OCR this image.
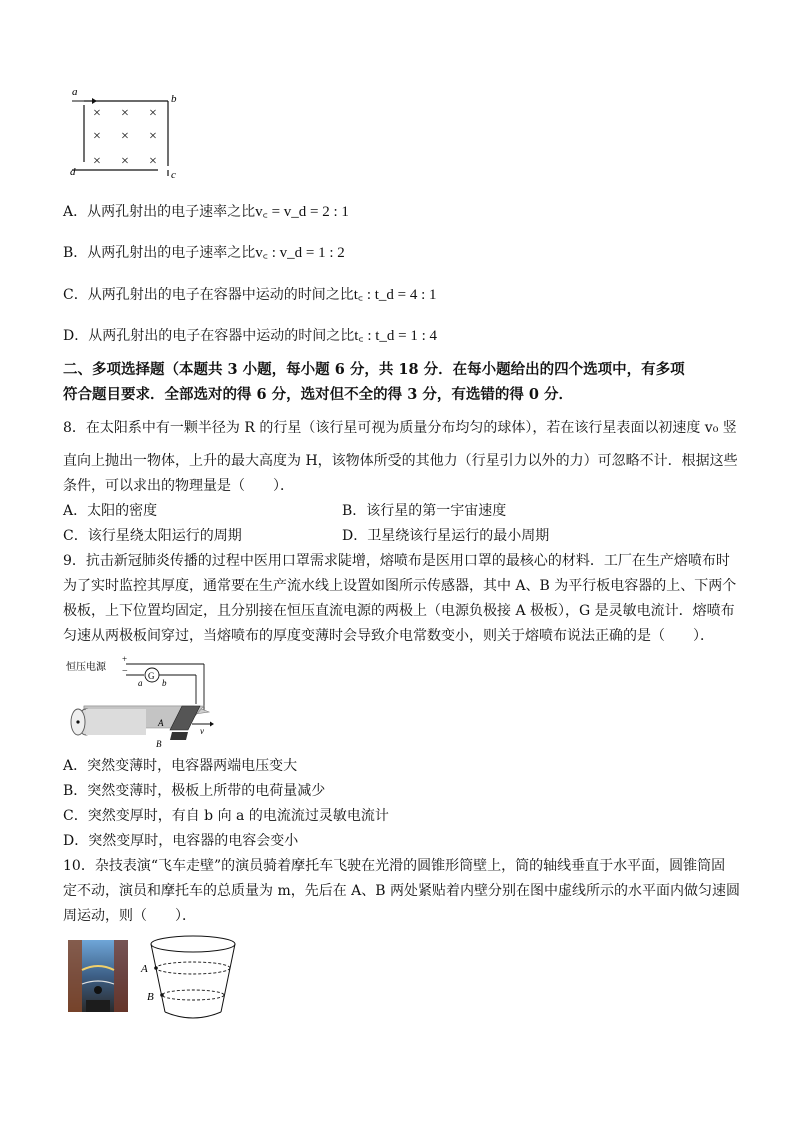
a
b
d	c
× × ×
× × ×
× × ×
A．从两孔射出的电子速率之比v꜀ = v_d = 2 : 1
B．从两孔射出的电子速率之比v꜀ : v_d = 1 : 2
C．从两孔射出的电子在容器中运动的时间之比t꜀ : t_d = 4 : 1
D．从两孔射出的电子在容器中运动的时间之比t꜀ : t_d = 1 : 4
二、多项选择题（本题共 3 小题，每小题 6 分，共 18 分．在每小题给出的四个选项中，有多项
符合题目要求．全部选对的得 6 分，选对但不全的得 3 分，有选错的得 0 分．
8．在太阳系中有一颗半径为 R 的行星（该行星可视为质量分布均匀的球体），若在该行星表面以初速度 v₀ 竖
直向上抛出一物体，上升的最大高度为 H，该物体所受的其他力（行星引力以外的力）可忽略不计．根据这些
条件，可以求出的物理量是（　　）．
A．太阳的密度	B．该行星的第一宇宙速度
C．该行星绕太阳运行的周期	D．卫星绕该行星运行的最小周期
9．抗击新冠肺炎传播的过程中医用口罩需求陡增，熔喷布是医用口罩的最核心的材料．工厂在生产熔喷布时
为了实时监控其厚度，通常要在生产流水线上设置如图所示传感器，其中 A、B 为平行板电容器的上、下两个
极板，上下位置均固定，且分别接在恒压直流电源的两极上（电源负极接 A 极板），G 是灵敏电流计．熔喷布
匀速从两极板间穿过，当熔喷布的厚度变薄时会导致介电常数变小，则关于熔喷布说法正确的是（　　）．
恒压电源
+
− G
a b
A
B
v
A．突然变薄时，电容器两端电压变大
B．突然变薄时，极板上所带的电荷量减少
C．突然变厚时，有自 b 向 a 的电流流过灵敏电流计
D．突然变厚时，电容器的电容会变小
10．杂技表演“飞车走壁”的演员骑着摩托车飞驶在光滑的圆锥形筒壁上，筒的轴线垂直于水平面，圆锥筒固
定不动，演员和摩托车的总质量为 m，先后在 A、B 两处紧贴着内壁分别在图中虚线所示的水平面内做匀速圆
周运动，则（　　）．
A
B
